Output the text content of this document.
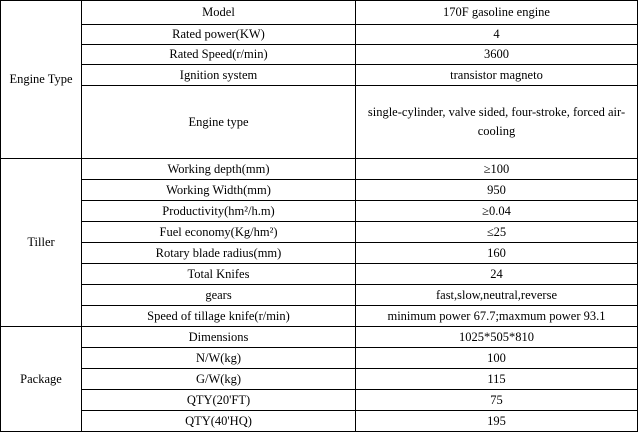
Engine Type	Model	170F gasoline engine
	Rated power(KW)	4
	Rated Speed(r/min)	3600
	Ignition system	transistor magneto
	Engine type	single-cylinder, valve sided, four-stroke, forced air-cooling
Tiller	Working depth(mm)	≥100
	Working Width(mm)	950
	Productivity(hm²/h.m)	≥0.04
	Fuel economy(Kg/hm²)	≤25
	Rotary blade radius(mm)	160
	Total Knifes	24
	gears	fast,slow,neutral,reverse
	Speed of tillage knife(r/min)	minimum power 67.7;maxmum power 93.1
Package	Dimensions	1025*505*810
	N/W(kg)	100
	G/W(kg)	115
	QTY(20'FT)	75
	QTY(40'HQ)	195
